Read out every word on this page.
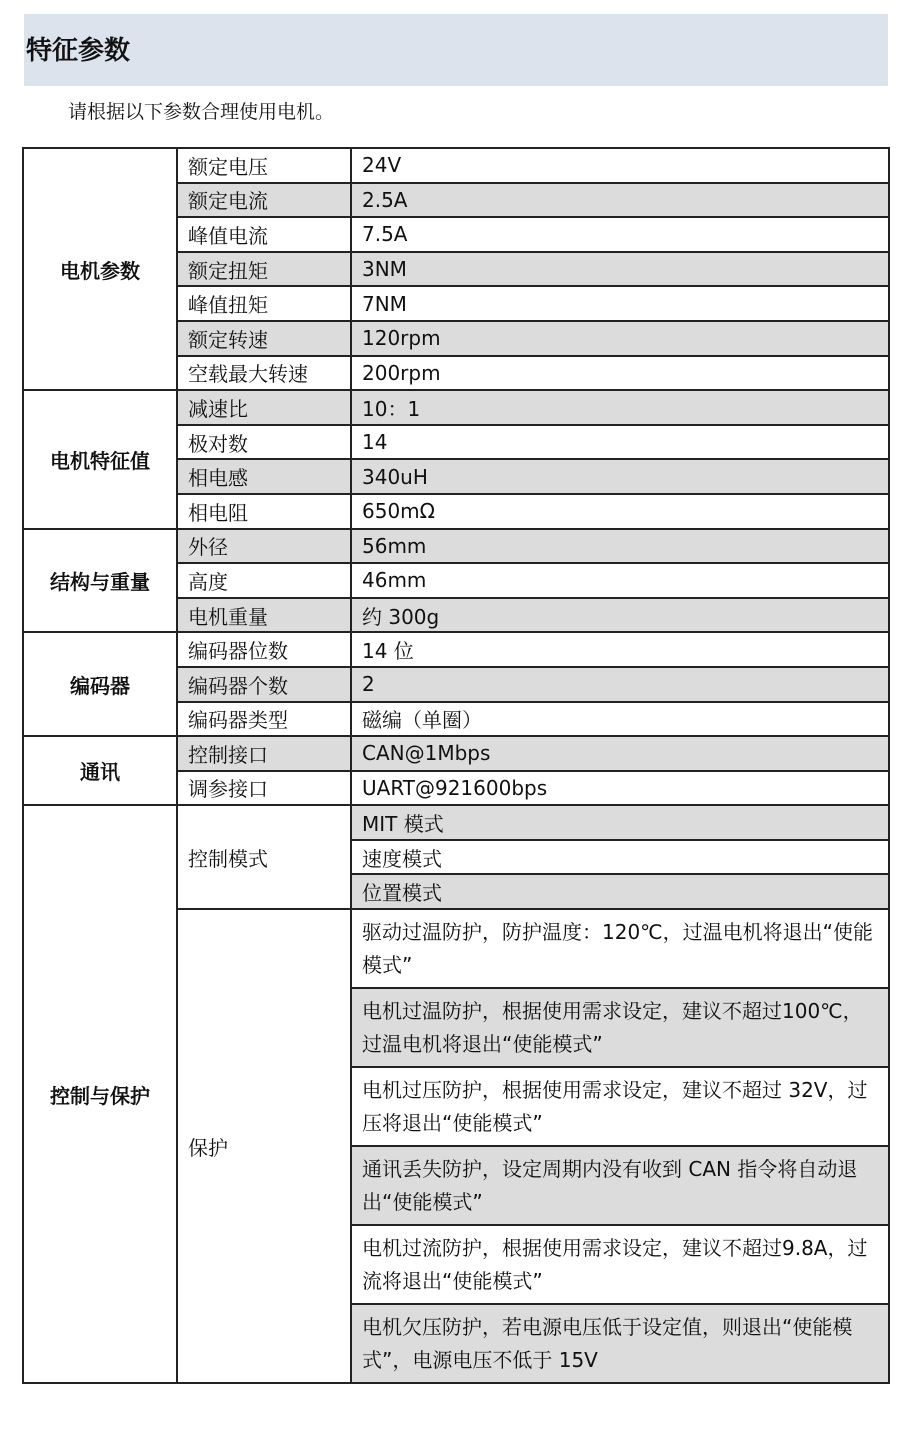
特征参数
请根据以下参数合理使用电机。
电机参数	额定电压	24V
	额定电流	2.5A
	峰值电流	7.5A
	额定扭矩	3NM
	峰值扭矩	7NM
	额定转速	120rpm
	空载最大转速	200rpm
电机特征值	减速比	10：1
	极对数	14
	相电感	340uH
	相电阻	650mΩ
结构与重量	外径	56mm
	高度	46mm
	电机重量	约 300g
编码器	编码器位数	14 位
	编码器个数	2
	编码器类型	磁编（单圈）
通讯	控制接口	CAN@1Mbps
	调参接口	UART@921600bps
控制与保护	控制模式	MIT 模式
		速度模式
		位置模式
	保护	驱动过温防护，防护温度：120℃，过温电机将退出“使能模式”
		电机过温防护，根据使用需求设定，建议不超过100℃，过温电机将退出“使能模式”
		电机过压防护，根据使用需求设定，建议不超过 32V，过压将退出“使能模式”
		通讯丢失防护，设定周期内没有收到 CAN 指令将自动退出“使能模式”
		电机过流防护，根据使用需求设定，建议不超过9.8A，过流将退出“使能模式”
		电机欠压防护，若电源电压低于设定值，则退出“使能模式”，电源电压不低于 15V
